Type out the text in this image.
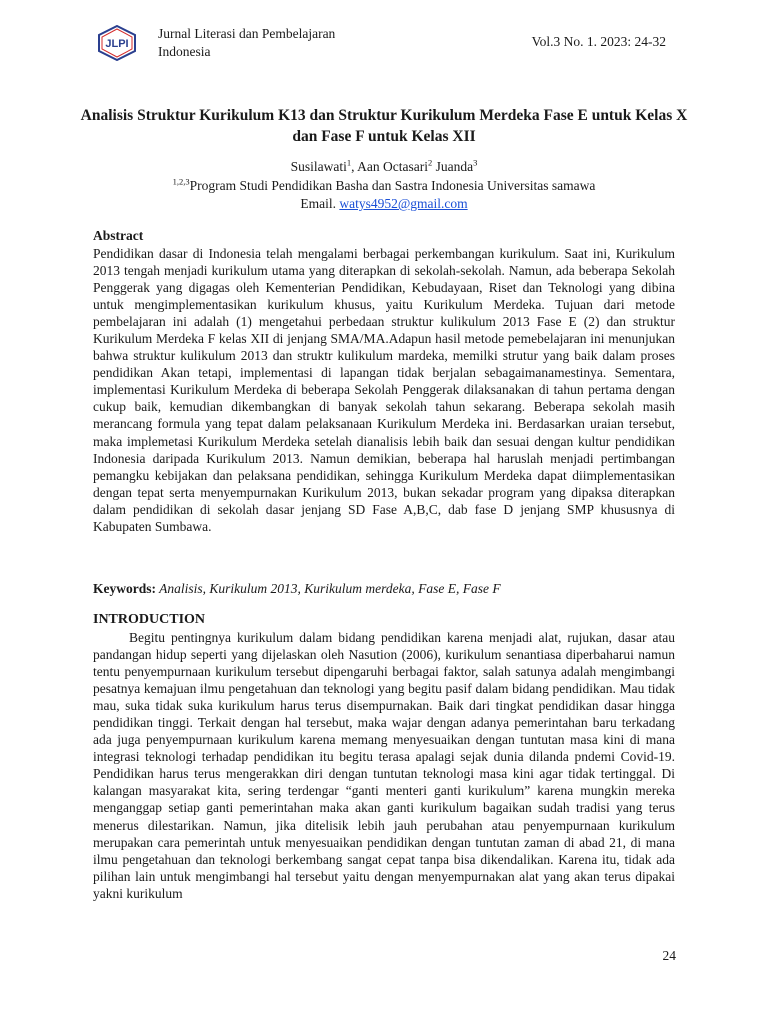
JLPI
Jurnal Literasi dan Pembelajaran Indonesia
Vol.3 No. 1. 2023: 24-32
Analisis Struktur Kurikulum K13 dan Struktur Kurikulum Merdeka Fase E untuk Kelas X dan Fase F untuk Kelas XII
Susilawati$^1$, Aan Octasari$^2$ Juanda$^3$
$^{1,2,3}$Program Studi Pendidikan Basha dan Sastra Indonesia Universitas samawa
Email. watys4952@gmail.com
Abstract
Pendidikan dasar di Indonesia telah mengalami berbagai perkembangan kurikulum. Saat ini, Kurikulum 2013 tengah menjadi kurikulum utama yang diterapkan di sekolah-sekolah. Namun, ada beberapa Sekolah Penggerak yang digagas oleh Kementerian Pendidikan, Kebudayaan, Riset dan Teknologi yang dibina untuk mengimplementasikan kurikulum khusus, yaitu Kurikulum Merdeka. Tujuan dari metode pembelajaran ini adalah (1) mengetahui perbedaan struktur kulikulum 2013 Fase E (2) dan struktur Kurikulum Merdeka F kelas XII di jenjang SMA/MA.Adapun hasil metode pemebelajaran ini menunjukan bahwa struktur kulikulum 2013 dan struktr kulikulum mardeka, memilki strutur yang baik dalam proses pendidikan Akan tetapi, implementasi di lapangan tidak berjalan sebagaimanamestinya. Sementara, implementasi Kurikulum Merdeka di beberapa Sekolah Penggerak dilaksanakan di tahun pertama dengan cukup baik, kemudian dikembangkan di banyak sekolah tahun sekarang. Beberapa sekolah masih merancang formula yang tepat dalam pelaksanaan Kurikulum Merdeka ini. Berdasarkan uraian tersebut, maka implemetasi Kurikulum Merdeka setelah dianalisis lebih baik dan sesuai dengan kultur pendidikan Indonesia daripada Kurikulum 2013. Namun demikian, beberapa hal haruslah menjadi pertimbangan pemangku kebijakan dan pelaksana pendidikan, sehingga Kurikulum Merdeka dapat diimplementasikan dengan tepat serta menyempurnakan Kurikulum 2013, bukan sekadar program yang dipaksa diterapkan dalam pendidikan di sekolah dasar jenjang SD Fase A,B,C, dab fase D jenjang SMP khususnya di Kabupaten Sumbawa.
Keywords: Analisis, Kurikulum 2013, Kurikulum merdeka, Fase E, Fase F
INTRODUCTION
Begitu pentingnya kurikulum dalam bidang pendidikan karena menjadi alat, rujukan, dasar atau pandangan hidup seperti yang dijelaskan oleh Nasution (2006), kurikulum senantiasa diperbaharui namun tentu penyempurnaan kurikulum tersebut dipengaruhi berbagai faktor, salah satunya adalah mengimbangi pesatnya kemajuan ilmu pengetahuan dan teknologi yang begitu pasif dalam bidang pendidikan. Mau tidak mau, suka tidak suka kurikulum harus terus disempurnakan. Baik dari tingkat pendidikan dasar hingga pendidikan tinggi. Terkait dengan hal tersebut, maka wajar dengan adanya pemerintahan baru terkadang ada juga penyempurnaan kurikulum karena memang menyesuaikan dengan tuntutan masa kini di mana integrasi teknologi terhadap pendidikan itu begitu terasa apalagi sejak dunia dilanda pndemi Covid-19. Pendidikan harus terus mengerakkan diri dengan tuntutan teknologi masa kini agar tidak tertinggal. Di kalangan masyarakat kita, sering terdengar “ganti menteri ganti kurikulum” karena mungkin mereka menganggap setiap ganti pemerintahan maka akan ganti kurikulum bagaikan sudah tradisi yang terus menerus dilestarikan. Namun, jika ditelisik lebih jauh perubahan atau penyempurnaan kurikulum merupakan cara pemerintah untuk menyesuaikan pendidikan dengan tuntutan zaman di abad 21, di mana ilmu pengetahuan dan teknologi berkembang sangat cepat tanpa bisa dikendalikan. Karena itu, tidak ada pilihan lain untuk mengimbangi hal tersebut yaitu dengan menyempurnakan alat yang akan terus dipakai yakni kurikulum
24
